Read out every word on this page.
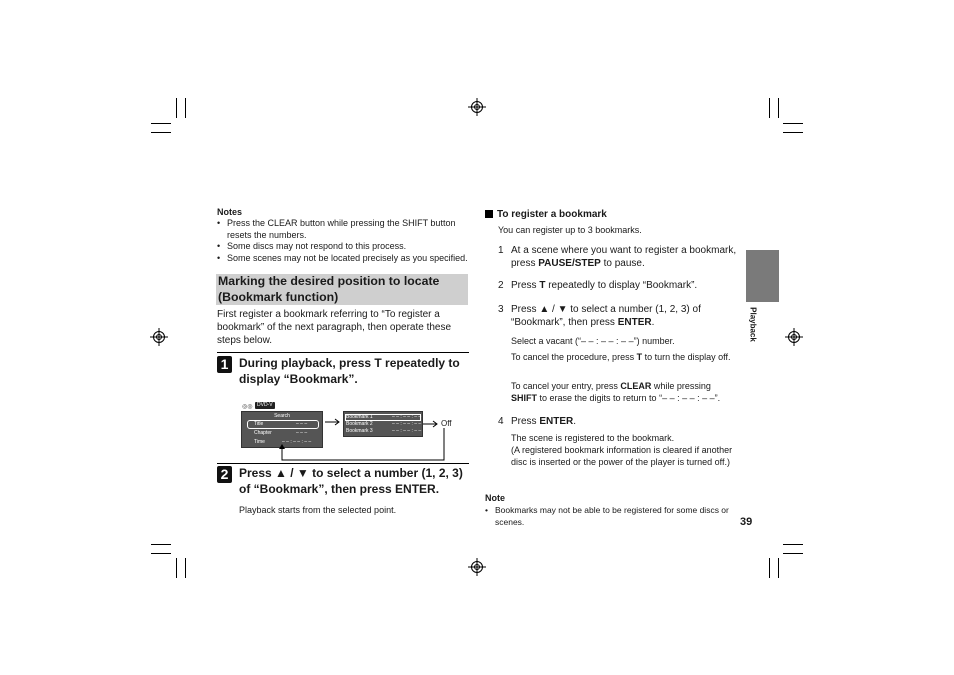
Notes
• Press the CLEAR button while pressing the SHIFT button resets the numbers.
• Some discs may not respond to this process.
• Some scenes may not be located precisely as you specified.
Marking the desired position to locate (Bookmark function)
First register a bookmark referring to “To register a bookmark” of the next paragraph, then operate these steps below.
1 During playback, press T repeatedly to display “Bookmark”.
◎◎ DVD-V
Search
Title	– – –
Chapter	– – –
Time	– – : – – : – –
Bookmark 1	– – : – – : – –
Bookmark 2	– – : – – : – –
Bookmark 3	– – : – – : – –
Off
2 Press ▲ / ▼ to select a number (1, 2, 3) of “Bookmark”, then press ENTER.
Playback starts from the selected point.
To register a bookmark
You can register up to 3 bookmarks.
1 At a scene where you want to register a bookmark, press PAUSE/STEP to pause.
2 Press T repeatedly to display “Bookmark”.
3 Press ▲ / ▼ to select a number (1, 2, 3) of “Bookmark”, then press ENTER.
Select a vacant (“– – : – – : – –”) number.
To cancel the procedure, press T to turn the display off.
To cancel your entry, press CLEAR while pressing SHIFT to erase the digits to return to “– – : – – : – –”.
4 Press ENTER.
The scene is registered to the bookmark.
(A registered bookmark information is cleared if another disc is inserted or the power of the player is turned off.)
Note
• Bookmarks may not be able to be registered for some discs or scenes.	39
Playback
